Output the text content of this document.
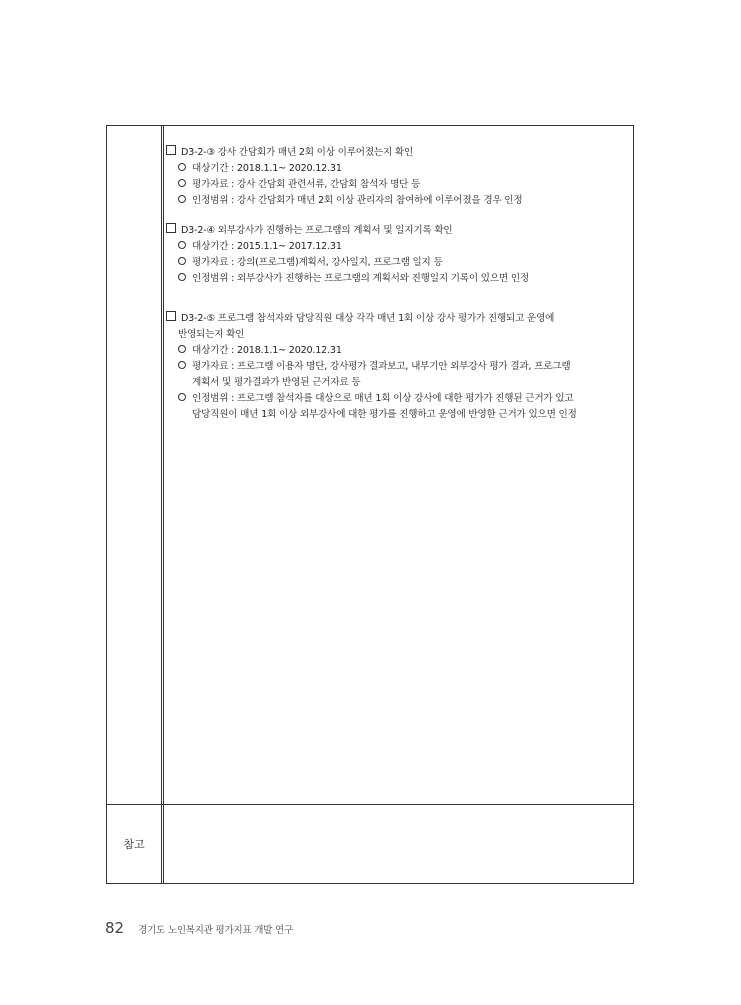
참고
D3-2-③ 강사 간담회가 매년 2회 이상 이루어졌는지 확인
대상기간 : 2018.1.1~ 2020.12.31
평가자료 : 강사 간담회 관련서류, 간담회 참석자 명단 등
인정범위 : 강사 간담회가 매년 2회 이상 관리자의 참여하에 이루어졌을 경우 인정
D3-2-④ 외부강사가 진행하는 프로그램의 계획서 및 일지기록 확인
대상기간 : 2015.1.1~ 2017.12.31
평가자료 : 강의(프로그램)계획서, 강사일지, 프로그램 일지 등
인정범위 : 외부강사가 진행하는 프로그램의 계획서와 진행일지 기록이 있으면 인정
D3-2-⑤ 프로그램 참석자와 담당직원 대상 각각 매년 1회 이상 강사 평가가 진행되고 운영에
반영되는지 확인
대상기간 : 2018.1.1~ 2020.12.31
평가자료 : 프로그램 이용자 명단, 강사평가 결과보고, 내부기안 외부강사 평가 결과, 프로그램
계획서 및 평가결과가 반영된 근거자료 등
인정범위 : 프로그램 참석자를 대상으로 매년 1회 이상 강사에 대한 평가가 진행된 근거가 있고
담당직원이 매년 1회 이상 외부강사에 대한 평가를 진행하고 운영에 반영한 근거가 있으면 인정
82 경기도 노인복지관 평가지표 개발 연구
